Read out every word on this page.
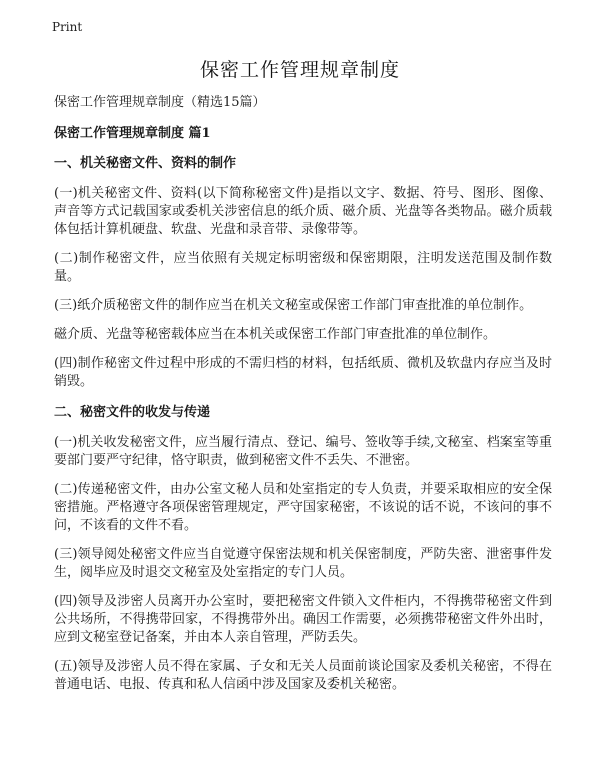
Print
保密工作管理规章制度
保密工作管理规章制度（精选15篇）
保密工作管理规章制度 篇1
一、机关秘密文件、资料的制作

(一)机关秘密文件、资料(以下简称秘密文件)是指以文字、数据、符号、图形、图像、声音等方式记载国家或委机关涉密信息的纸介质、磁介质、光盘等各类物品。磁介质载体包括计算机硬盘、软盘、光盘和录音带、录像带等。

(二)制作秘密文件，应当依照有关规定标明密级和保密期限，注明发送范围及制作数量。

(三)纸介质秘密文件的制作应当在机关文秘室或保密工作部门审查批准的单位制作。

磁介质、光盘等秘密载体应当在本机关或保密工作部门审查批准的单位制作。

(四)制作秘密文件过程中形成的不需归档的材料，包括纸质、微机及软盘内存应当及时销毁。

二、秘密文件的收发与传递

(一)机关收发秘密文件，应当履行清点、登记、编号、签收等手续,文秘室、档案室等重要部门要严守纪律，恪守职责，做到秘密文件不丢失、不泄密。

(二)传递秘密文件，由办公室文秘人员和处室指定的专人负责，并要采取相应的安全保密措施。严格遵守各项保密管理规定，严守国家秘密，不该说的话不说，不该问的事不问，不该看的文件不看。

(三)领导阅处秘密文件应当自觉遵守保密法规和机关保密制度，严防失密、泄密事件发生，阅毕应及时退交文秘室及处室指定的专门人员。

(四)领导及涉密人员离开办公室时，要把秘密文件锁入文件柜内，不得携带秘密文件到公共场所，不得携带回家，不得携带外出。确因工作需要，必须携带秘密文件外出时，应到文秘室登记备案，并由本人亲自管理，严防丢失。

(五)领导及涉密人员不得在家属、子女和无关人员面前谈论国家及委机关秘密，不得在普通电话、电报、传真和私人信函中涉及国家及委机关秘密。
